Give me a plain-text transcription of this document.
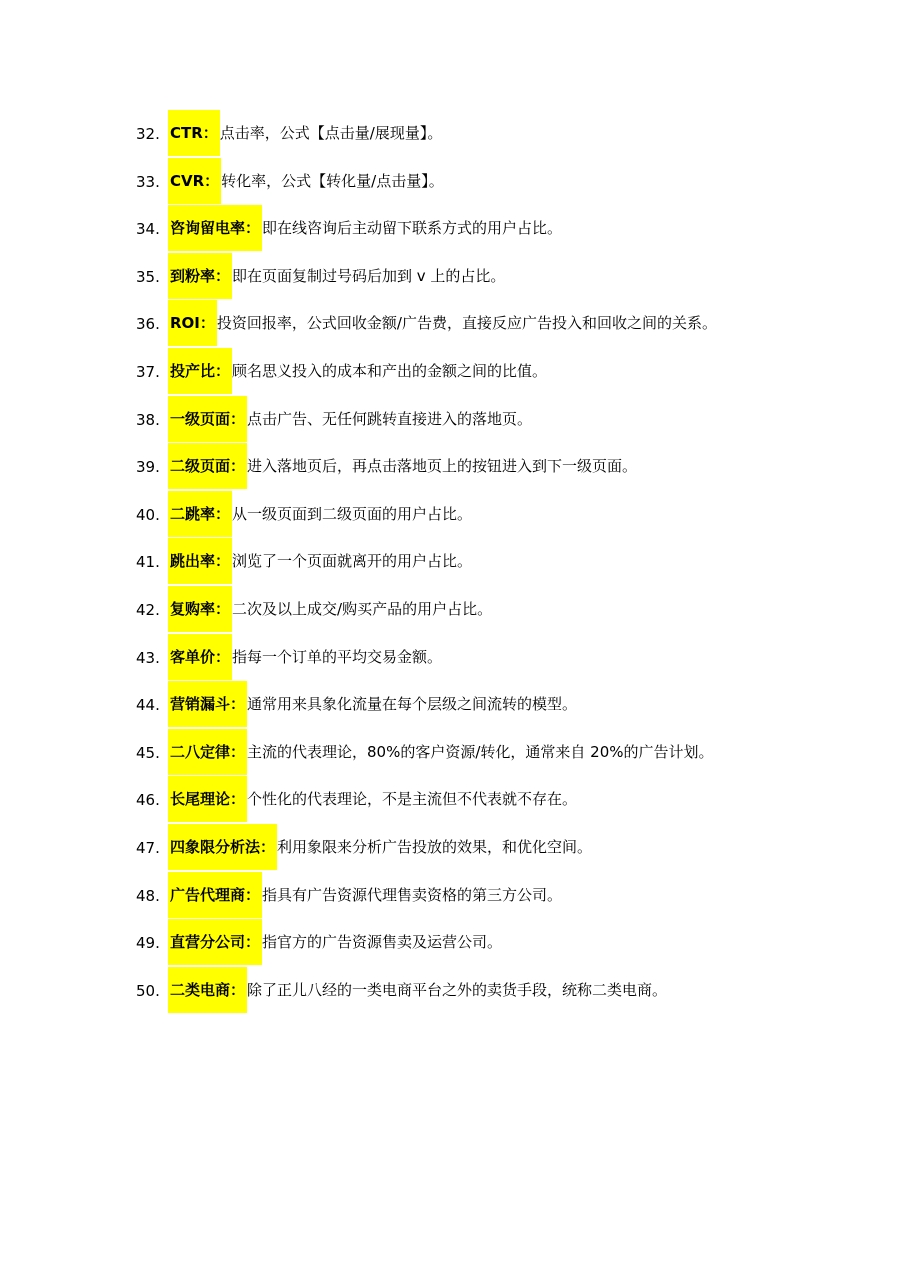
32. CTR： 点击率，公式【点击量/展现量】。
33. CVR： 转化率，公式【转化量/点击量】。
34. 咨询留电率： 即在线咨询后主动留下联系方式的用户占比。
35. 到粉率： 即在页面复制过号码后加到 v 上的占比。
36. ROI： 投资回报率，公式回收金额/广告费，直接反应广告投入和回收之间的关系。
37. 投产比： 顾名思义投入的成本和产出的金额之间的比值。
38. 一级页面： 点击广告、无任何跳转直接进入的落地页。
39. 二级页面： 进入落地页后，再点击落地页上的按钮进入到下一级页面。
40. 二跳率： 从一级页面到二级页面的用户占比。
41. 跳出率： 浏览了一个页面就离开的用户占比。
42. 复购率： 二次及以上成交/购买产品的用户占比。
43. 客单价： 指每一个订单的平均交易金额。
44. 营销漏斗： 通常用来具象化流量在每个层级之间流转的模型。
45. 二八定律： 主流的代表理论，80%的客户资源/转化，通常来自 20%的广告计划。
46. 长尾理论： 个性化的代表理论，不是主流但不代表就不存在。
47. 四象限分析法： 利用象限来分析广告投放的效果，和优化空间。
48. 广告代理商： 指具有广告资源代理售卖资格的第三方公司。
49. 直营分公司： 指官方的广告资源售卖及运营公司。
50. 二类电商： 除了正儿八经的一类电商平台之外的卖货手段，统称二类电商。
